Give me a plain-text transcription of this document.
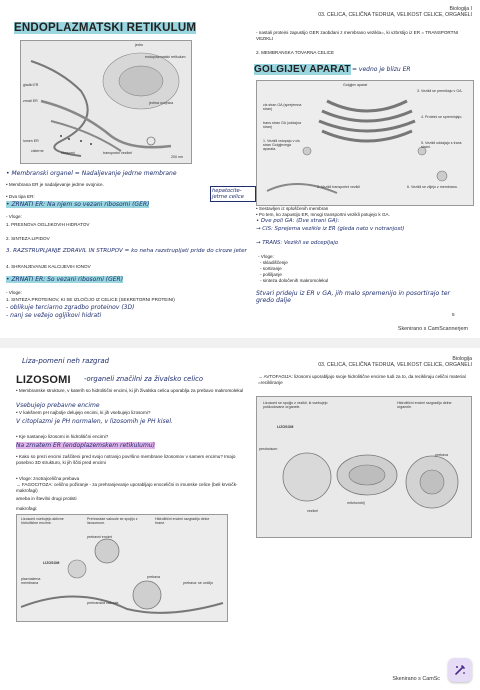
Biologija I
03. CELICA, CELIČNA TEORIJA, VELIKOST CELICE, ORGANELI
ENDOPLAZMATSKI RETIKULUM
jedro
endoplazmatski retikulum
gladki ER
zrnati ER
lumen ER
cisterne	ribosomi
jedrna ovojnica
transportni vezikel
200 nm
- nastali proteini zapustijo GER zaobdani z membrano vezikla=, ki vzbrstijo iz ER = TRANSPORTNI VEZIKLI
2. MEMBRANSKA TOVARNA CELICE
GOLGIJEV APARAT = vedno je blizu ER
Golgijev aparat
cis stran GA (sprejemna stran)
trans stran GA (oddajna stran)
3. Vezikli se premikajo v GA.
1. Vezikli vstopajo v cis stran Golgijevega aparata.
4. Proteini se spreminjajo.
5. Vezikli oddajajo s trans strani.
6. Vezikli se zlijejo z membrano.
2. Vezikli transportni vezikli
• Membranski organel = Nadaljevanje jedrne membrane
• Membrana ER je nadaljevanje jedrne ovojnice.
• Dva tipa ER:
• ZRNATI ER: Na njem so vezani ribosomi (GER)
- Vloge:
1. PRESNOVA OGLJIKOVIH HIDRATOV
2. SINTEZA LIPIDOV
3. RAZSTRUPLJANJE ZDRAVIL IN STRUPOV = ko neha razstrupljati pride do ciroze jeter
4. SHRANJEVANJE KALCIJEVIH IONOV
• ZRNATI ER: So vezani ribosomi (GER)
- Vloge:
1. SINTEZA PROTEINOV, KI SE IZLOČIJO IZ CELICE (SEKRETORNI PROTEINI)
- oblikuje terciarno zgradbo proteinov (3D)
- nanj se vežejo ogljikovi hidrati
hepatocite- jetrne celice
• Sestavljen iz sploščenih membran
• Po tem, ko zapustijo ER, mnogi transportni vezikli potujejo k GA.
• Dve poli GA: (Dve strani GA):
→ CIS: Sprejema vezikle iz ER (gleda nato v notranjost)
→ TRANS: Vezikli se odcepljajo
- Vloge:
- skladiščenje
- sortiranje
- pošiljanje
- sinteza določenih makromolekul
Stvari prideju iz ER v GA, jih malo spremenijo in posortirajo ter gredo dalje
5
Skenirano s CamScannerjem
Biologija
03. CELICA, CELIČNA TEORIJA, VELIKOST CELICE, ORGANELI
Liza-pomeni neh razgrad
LIZOSOMI -organeli značilni za živalsko celico	→ AVTOFAGIJA: lizosomi uporabljajo svoje hidrolitične encime tudi za to, da recikliraju celični material =recikliranje
• Membranske strukture, v katerih so hidrolitični encimi, ki jih živalska celica uporablja za prebavo makromolekul
Vsebujejo prebavne encime
• V kakšnem pH najbolje delujejo encimi, ki jih vsebujejo lizosomi?
V citoplazmi je PH normalen, v lizosomih je PH kisel.
• Kje nastanejo lizosomi in hidrolitični encimi?
Na zrnatem ER (endoplazemskem retikulumu)
• Kako so prezi encimi zaščiteni pred svojo notranjo površino membrane lizosomov v samem encimu? Imajo posebno 3D strukturo, ki jih ščiti pred encimi
• Vloge: znotrajcelična prebava
→ FAGOCITOZA: celično požiranje - za prehranjevanje uporabljajo enocelični in imunske celice (beli krvničk-makrofagi)
ameba in številni drugi protisti
Lizosomi se spojijo z vezikli, ki vsebujejo poškodovane organele.
Hidrolitični encimi razgradijo delne organele.
LIZOSOM
peroksisom
prebava
mitohondrij
vezikel
makrofagi:
Lizosomi vsebujejo aktivne hidrolitične encime.
Prehranske vakuole se spojijo z lizosomom.
Hidrolitični encimi razgradijo delce hrane.
prebavni encimi
LIZOSOM
plazmalema membrana
prebava
prehranska vakuola
prebava: se uničijo
Skenirano s CamSc
